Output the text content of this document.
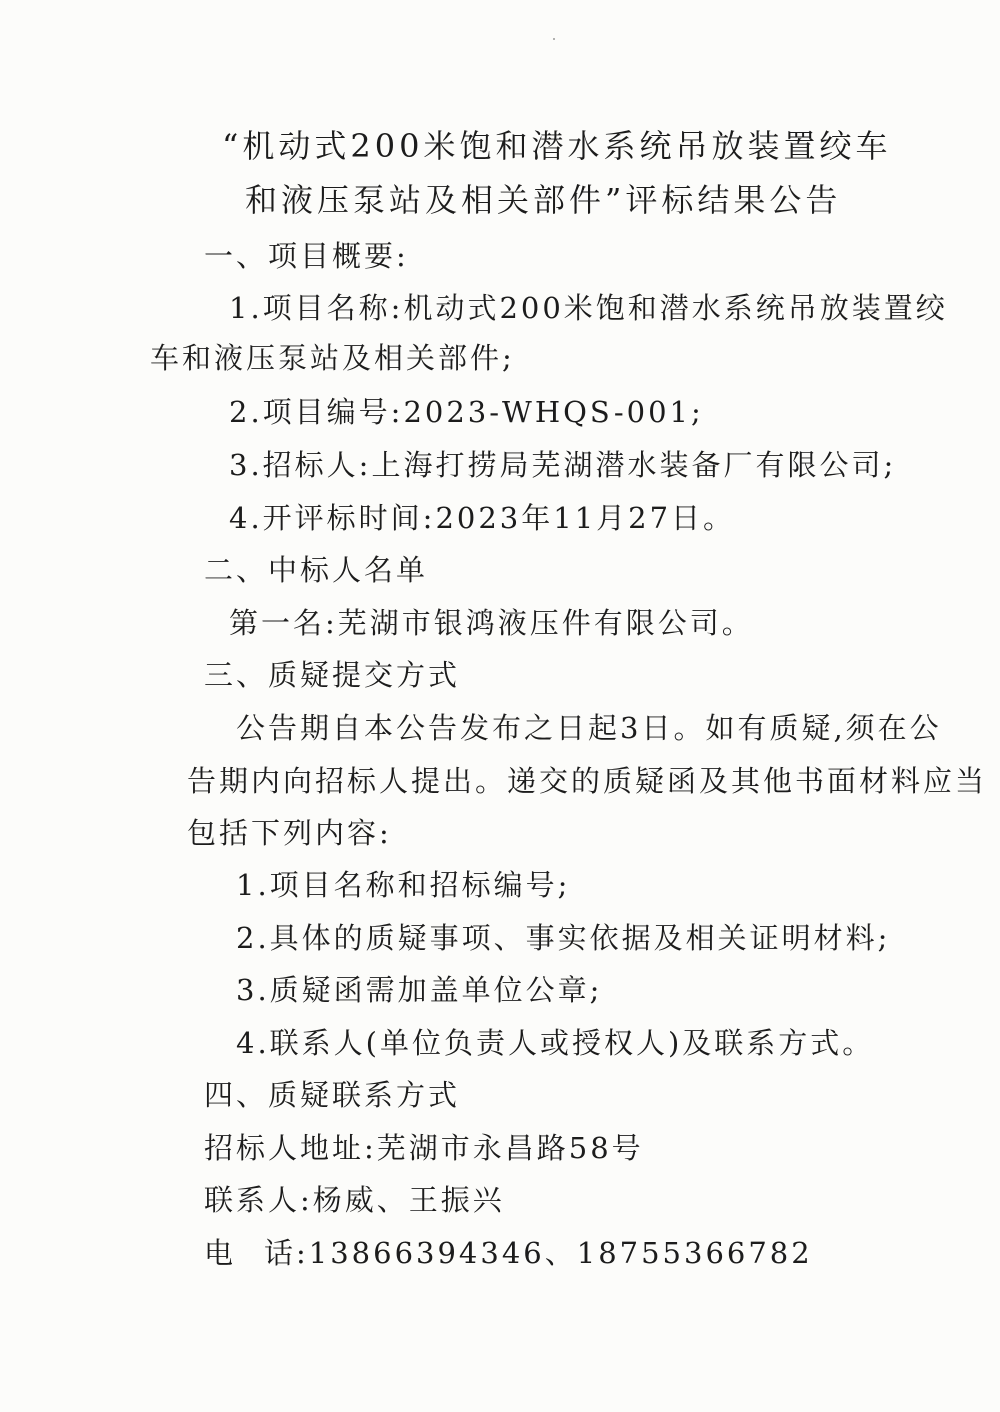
“机动式200米饱和潜水系统吊放装置绞车
和液压泵站及相关部件”评标结果公告
一、项目概要:
1.项目名称:机动式200米饱和潜水系统吊放装置绞
车和液压泵站及相关部件;
2.项目编号:2023-WHQS-001;
3.招标人:上海打捞局芜湖潜水装备厂有限公司;
4.开评标时间:2023年11月27日。
二、中标人名单
第一名:芜湖市银鸿液压件有限公司。
三、质疑提交方式
公告期自本公告发布之日起3日。如有质疑,须在公
告期内向招标人提出。递交的质疑函及其他书面材料应当
包括下列内容:
1.项目名称和招标编号;
2.具体的质疑事项、事实依据及相关证明材料;
3.质疑函需加盖单位公章;
4.联系人(单位负责人或授权人)及联系方式。
四、质疑联系方式
招标人地址:芜湖市永昌路58号
联系人:杨威、王振兴
电 话:13866394346、18755366782
